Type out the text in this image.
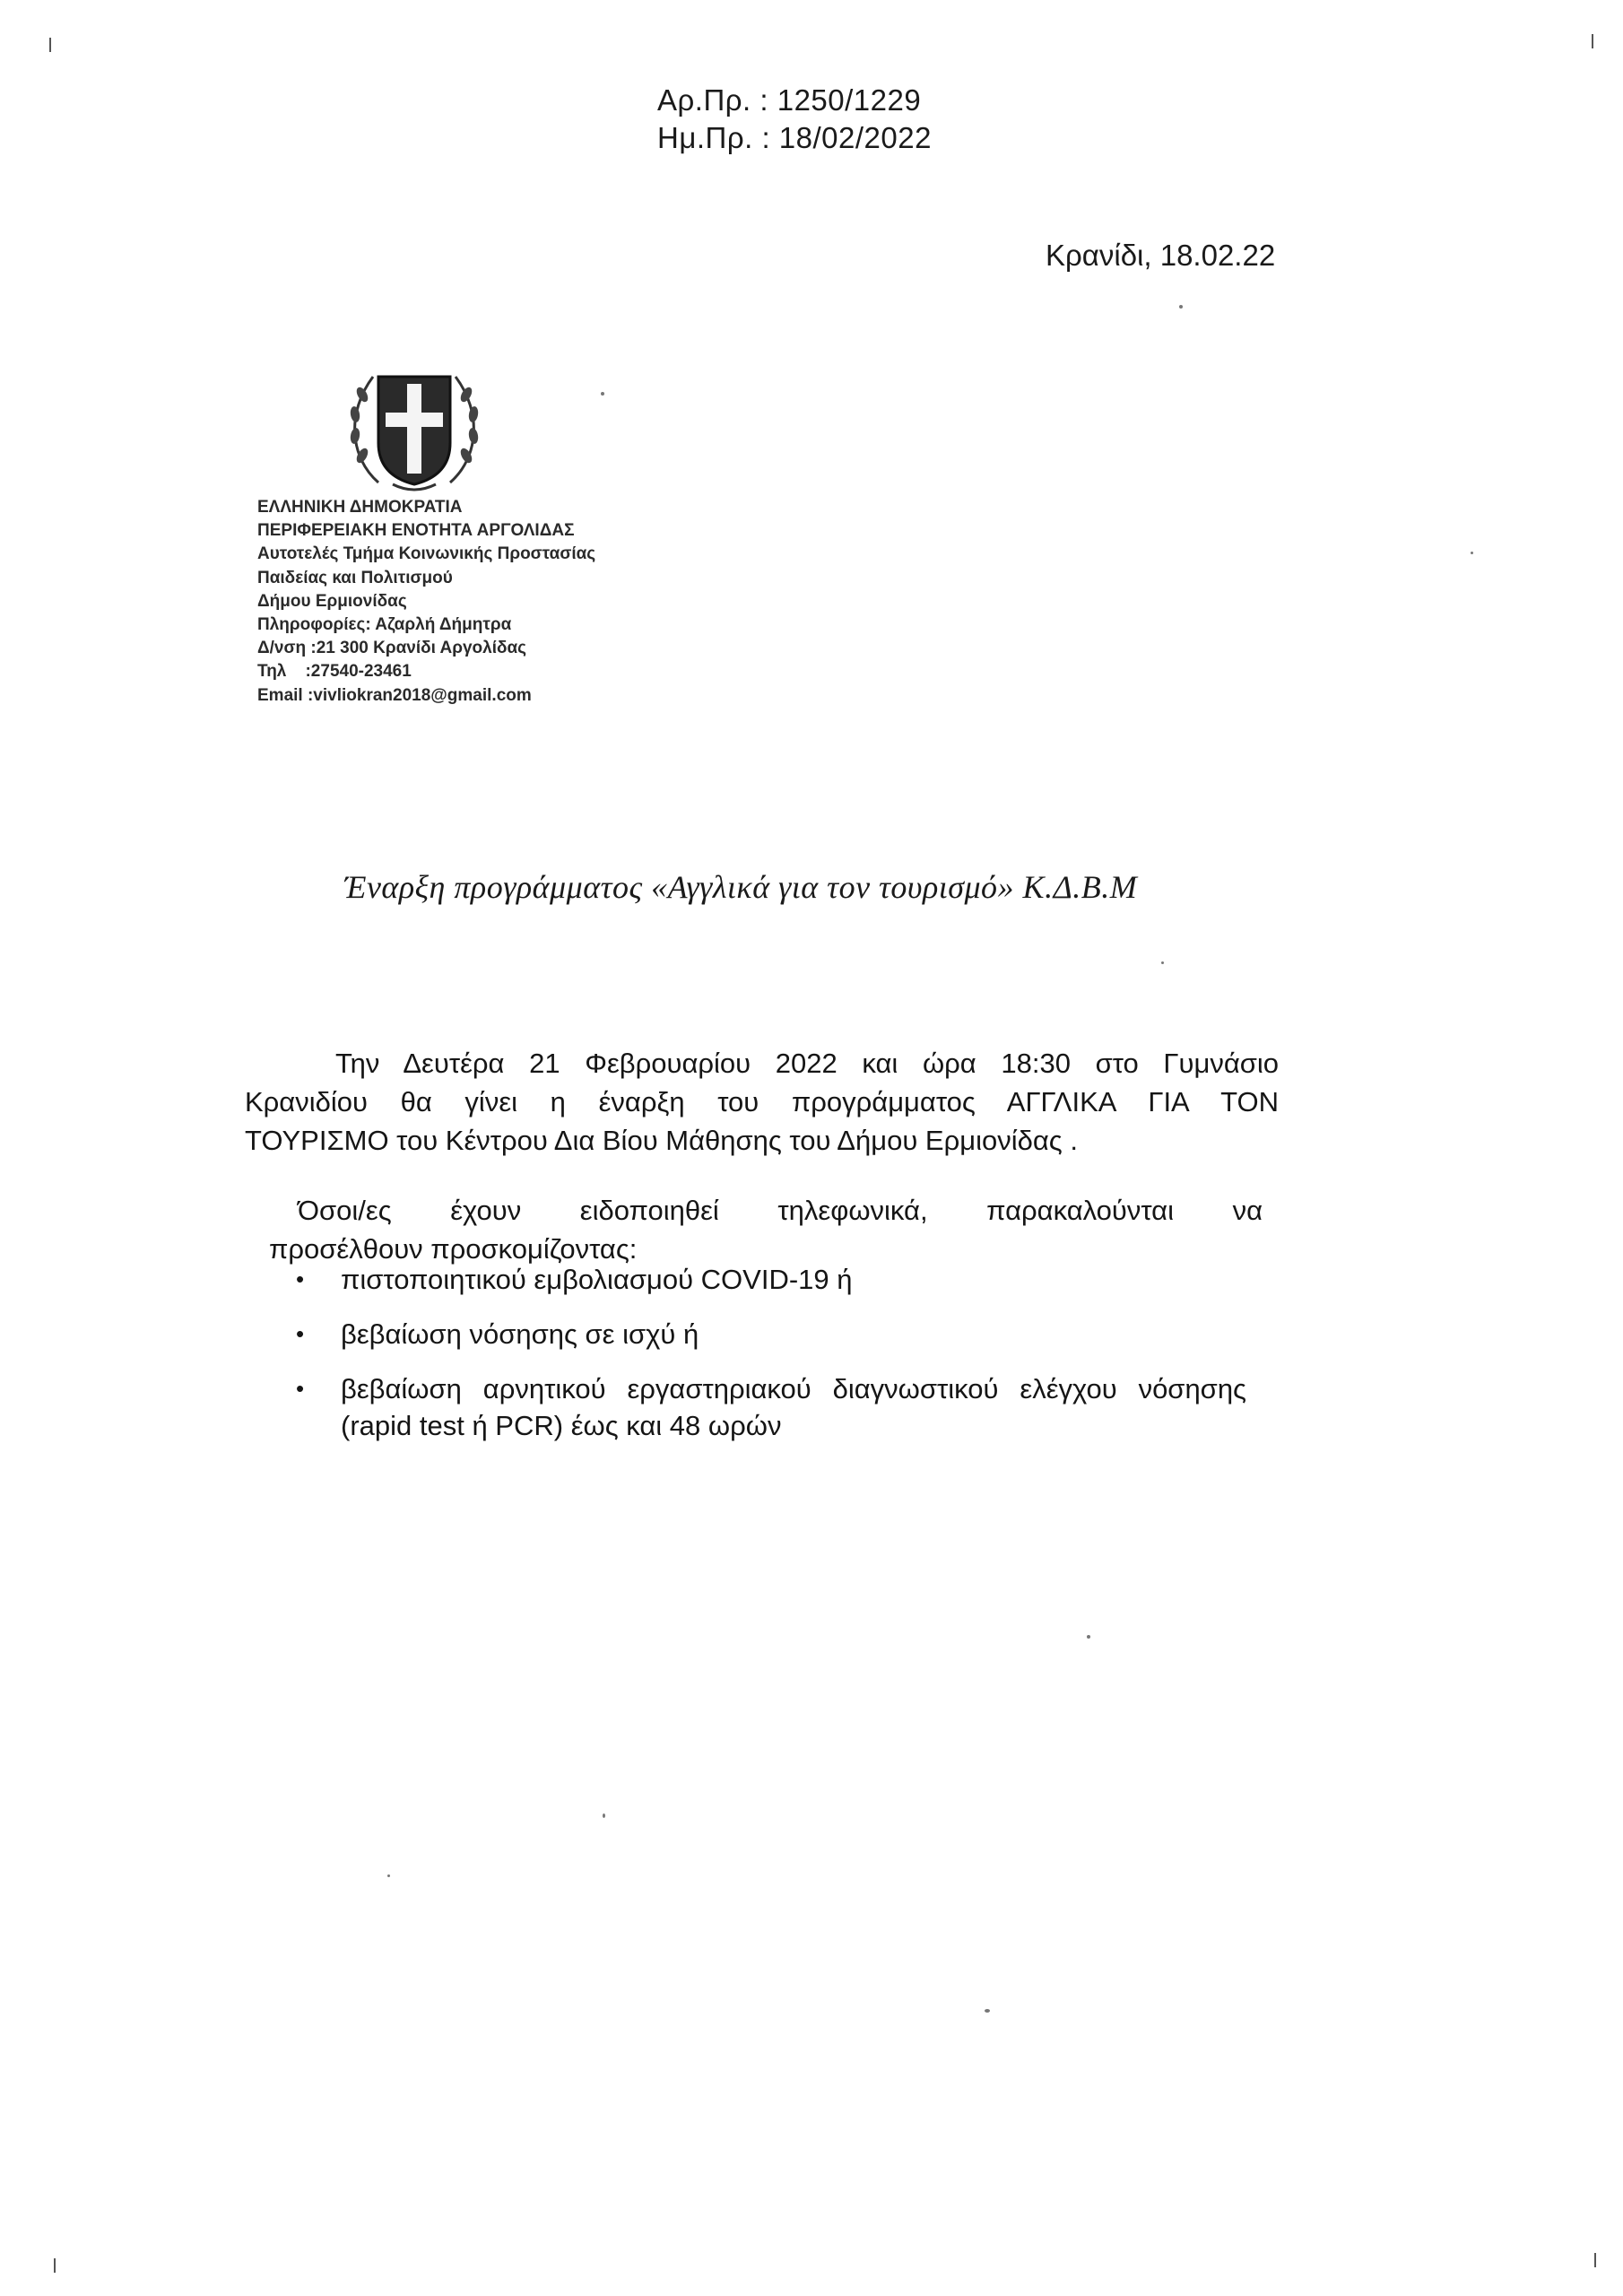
Αρ.Πρ. : 1250/1229
Ημ.Πρ. : 18/02/2022
Κρανίδι, 18.02.22
ΕΛΛΗΝΙΚΗ ΔΗΜΟΚΡΑΤΙΑ
ΠΕΡΙΦΕΡΕΙΑΚΗ ΕΝΟΤΗΤΑ ΑΡΓΟΛΙΔΑΣ
Αυτοτελές Τμήμα Κοινωνικής Προστασίας
Παιδείας και Πολιτισμού
Δήμου Ερμιονίδας
Πληροφορίες: Αζαρλή Δήμητρα
Δ/νση :21 300 Κρανίδι Αργολίδας
Τηλ    :27540-23461
Email :vivliokran2018@gmail.com
Έναρξη προγράμματος «Αγγλικά για τον τουρισμό» Κ.Δ.Β.Μ
Την Δευτέρα 21 Φεβρουαρίου 2022 και ώρα 18:30 στο Γυμνάσιο
Κρανιδίου θα γίνει η έναρξη του προγράμματος ΑΓΓΛΙΚΑ ΓΙΑ ΤΟΝ
ΤΟΥΡΙΣΜΟ του Κέντρου Δια Βίου Μάθησης του Δήμου Ερμιονίδας .
Όσοι/ες έχουν ειδοποιηθεί τηλεφωνικά, παρακαλούνται να
προσέλθουν προσκομίζοντας:
• πιστοποιητικού εμβολιασμού COVID-19 ή
• βεβαίωση νόσησης σε ισχύ ή
• βεβαίωση αρνητικού εργαστηριακού διαγνωστικού ελέγχου νόσησης (rapid test ή PCR) έως και 48 ωρών
